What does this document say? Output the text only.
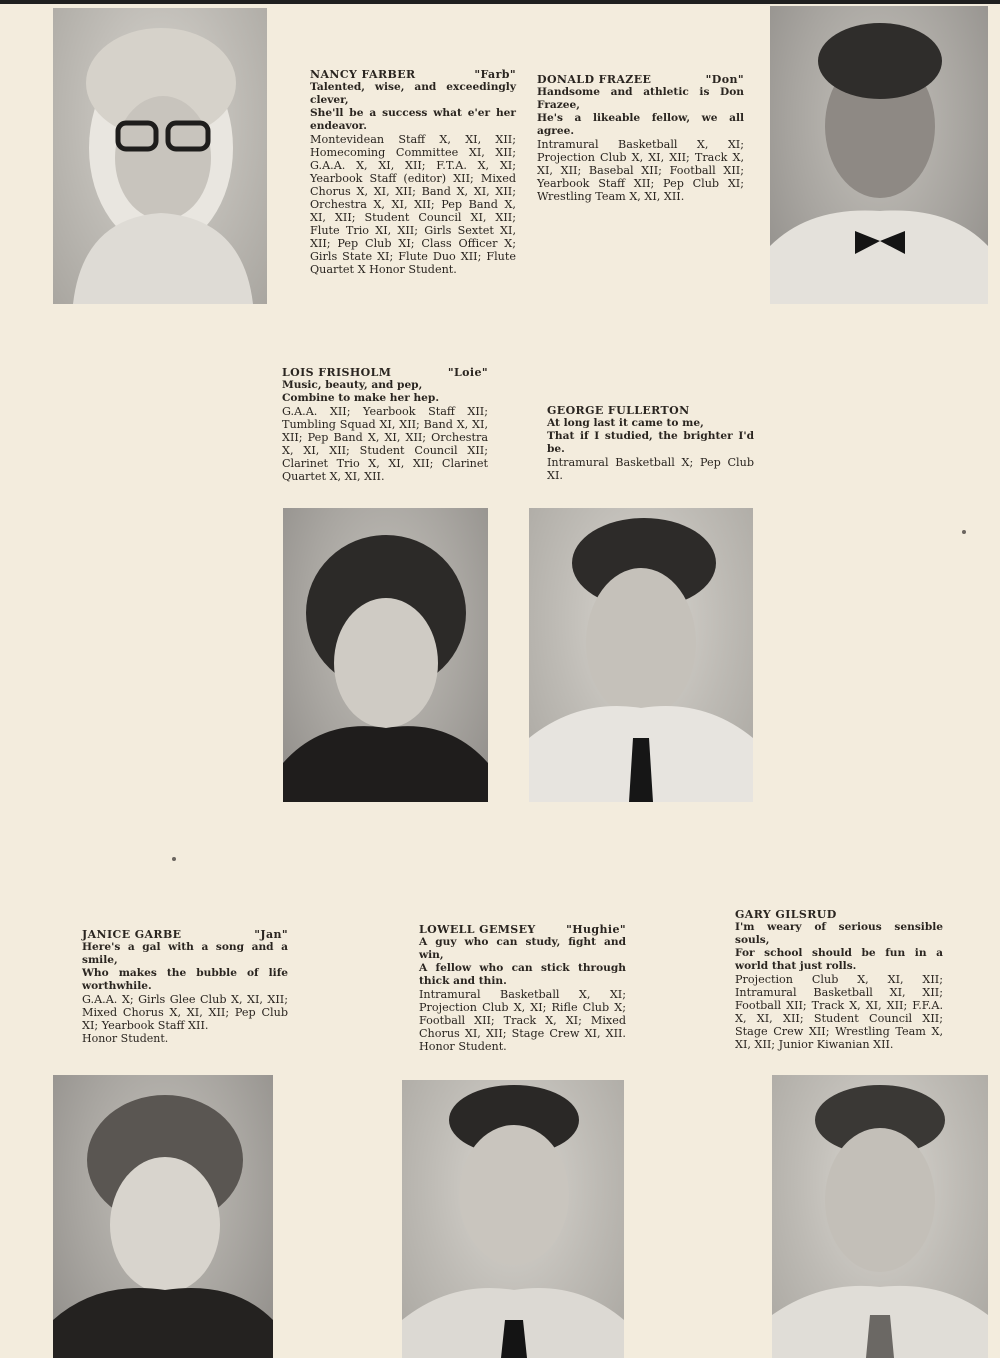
NANCY FARBER	"Farb"
Talented, wise, and exceedingly clever,
She'll be a success what e'er her endeavor.
Montevidean Staff X, XI, XII; Homecoming Committee XI, XII; G.A.A. X, XI, XII; F.T.A. X, XI; Yearbook Staff (editor) XII; Mixed Chorus X, XI, XII; Band X, XI, XII; Orchestra X, XI, XII; Pep Band X, XI, XII; Student Council XI, XII; Flute Trio XI, XII; Girls Sextet XI, XII; Pep Club XI; Class Officer X; Girls State XI; Flute Duo XII; Flute Quartet X Honor Student.
DONALD FRAZEE	"Don"
Handsome and athletic is Don Frazee,
He's a likeable fellow, we all agree.
Intramural Basketball X, XI; Projection Club X, XI, XII; Track X, XI, XII; Basebal XII; Football XII; Yearbook Staff XII; Pep Club XI; Wrestling Team X, XI, XII.
LOIS FRISHOLM	"Loie"
Music, beauty, and pep,
Combine to make her hep.
G.A.A. XII; Yearbook Staff XII; Tumbling Squad XI, XII; Band X, XI, XII; Pep Band X, XI, XII; Orchestra X, XI, XII; Student Council XII; Clarinet Trio X, XI, XII; Clarinet Quartet X, XI, XII.
GEORGE FULLERTON
At long last it came to me,
That if I studied, the brighter I'd be.
Intramural Basketball X; Pep Club XI.
JANICE GARBE	"Jan"
Here's a gal with a song and a smile,
Who makes the bubble of life worthwhile.
G.A.A. X; Girls Glee Club X, XI, XII; Mixed Chorus X, XI, XII; Pep Club XI; Yearbook Staff XII.
Honor Student.
LOWELL GEMSEY	"Hughie"
A guy who can study, fight and win,
A fellow who can stick through thick and thin.
Intramural Basketball X, XI; Projection Club X, XI; Rifle Club X; Football XII; Track X, XI; Mixed Chorus XI, XII; Stage Crew XI, XII. Honor Student.
GARY GILSRUD
I'm weary of serious sensible souls,
For school should be fun in a world that just rolls.
Projection Club X, XI, XII; Intramural Basketball XI, XII; Football XII; Track X, XI, XII; F.F.A. X, XI, XII; Student Council XII; Stage Crew XII; Wrestling Team X, XI, XII; Junior Kiwanian XII.
